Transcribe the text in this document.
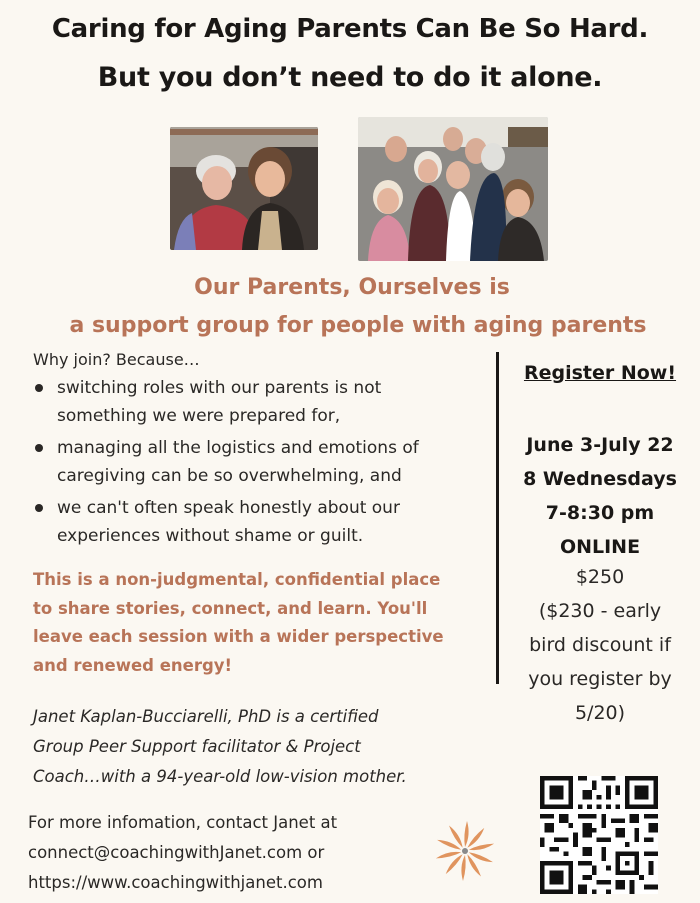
Caring for Aging Parents Can Be So Hard.
But you don’t need to do it alone.
Our Parents, Ourselves is
a support group for people with aging parents
Why join? Because…
switching roles with our parents is not
something we were prepared for,
managing all the logistics and emotions of
caregiving can be so overwhelming, and
we can't often speak honestly about our
experiences without shame or guilt.
This is a non-judgmental, confidential place
to share stories, connect, and learn. You'll
leave each session with a wider perspective
and renewed energy!
Janet Kaplan-Bucciarelli, PhD is a certified
Group Peer Support facilitator & Project
Coach…with a 94-year-old low-vision mother.
For more infomation, contact Janet at
connect@coachingwithJanet.com or
https://www.coachingwithjanet.com
Register Now!
June 3-July 22
8 Wednesdays
7-8:30 pm
ONLINE
$250
($230 - early
bird discount if
you register by
5/20)
